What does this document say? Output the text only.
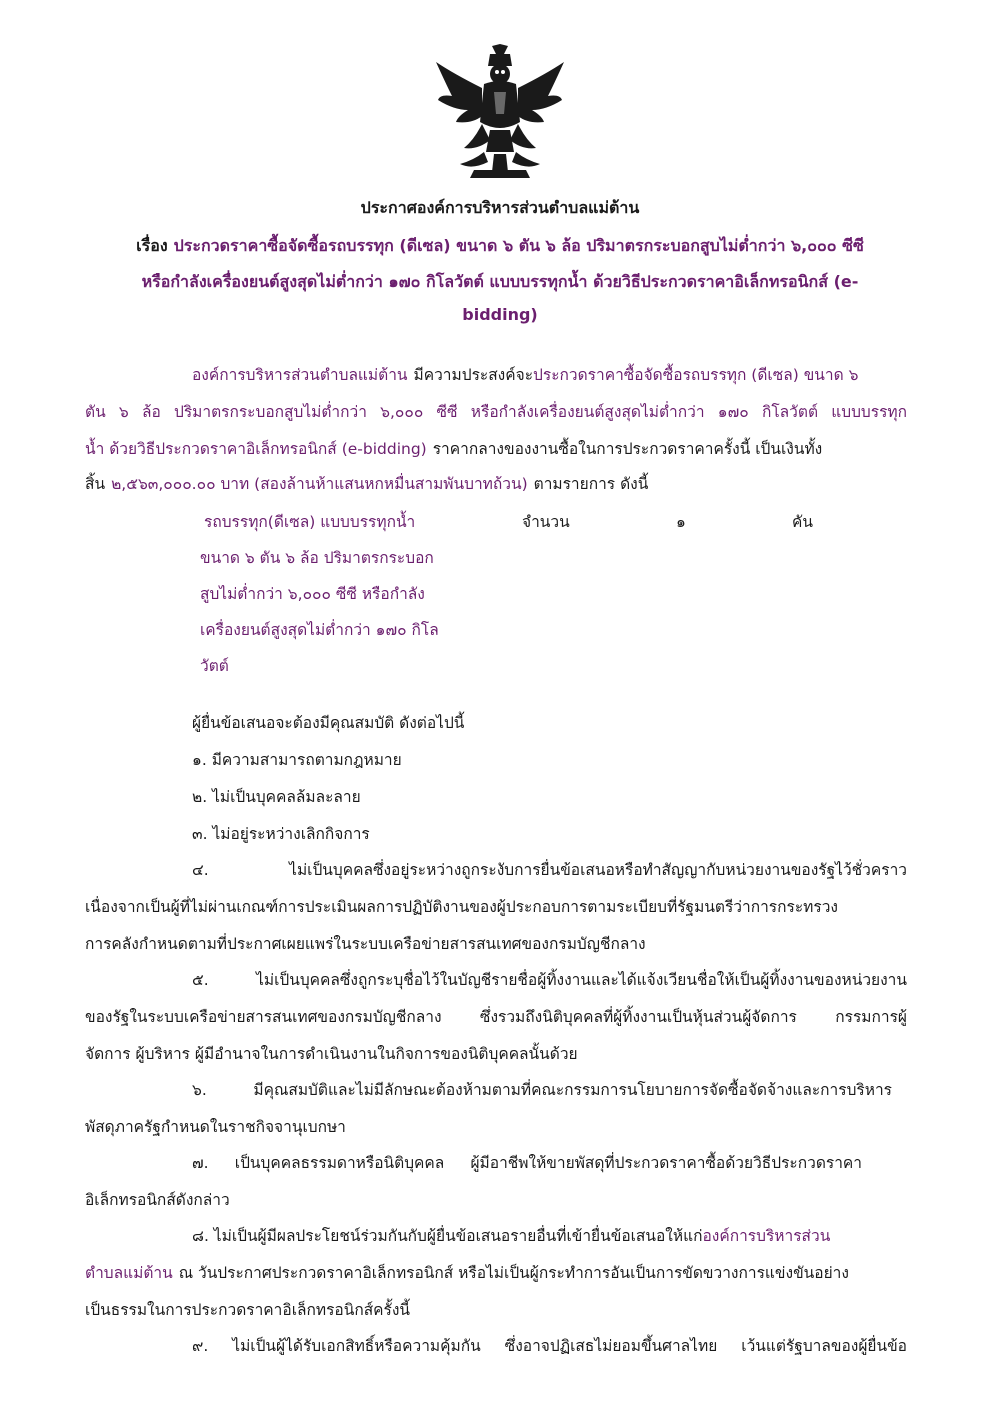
ประกาศองค์การบริหารส่วนตำบลแม่ต้าน
เรื่อง ประกวดราคาซื้อจัดซื้อรถบรรทุก (ดีเซล) ขนาด ๖ ตัน ๖ ล้อ ปริมาตรกระบอกสูบไม่ต่ำกว่า ๖,๐๐๐ ซีซี
หรือกำลังเครื่องยนต์สูงสุดไม่ต่ำกว่า ๑๗๐ กิโลวัตต์ แบบบรรทุกน้ำ ด้วยวิธีประกวดราคาอิเล็กทรอนิกส์ (e-
bidding)
องค์การบริหารส่วนตำบลแม่ต้าน มีความประสงค์จะประกวดราคาซื้อจัดซื้อรถบรรทุก (ดีเซล) ขนาด ๖
ตัน ๖ ล้อ ปริมาตรกระบอกสูบไม่ต่ำกว่า ๖,๐๐๐ ซีซี หรือกำลังเครื่องยนต์สูงสุดไม่ต่ำกว่า ๑๗๐ กิโลวัตต์ แบบบรรทุก
น้ำ ด้วยวิธีประกวดราคาอิเล็กทรอนิกส์ (e-bidding) ราคากลางของงานซื้อในการประกวดราคาครั้งนี้ เป็นเงินทั้ง
สิ้น ๒,๕๖๓,๐๐๐.๐๐ บาท (สองล้านห้าแสนหกหมื่นสามพันบาทถ้วน) ตามรายการ ดังนี้
รถบรรทุก(ดีเซล) แบบบรรทุกน้ำ
ขนาด ๖ ตัน ๖ ล้อ ปริมาตรกระบอก
สูบไม่ต่ำกว่า ๖,๐๐๐ ซีซี หรือกำลัง
เครื่องยนต์สูงสุดไม่ต่ำกว่า ๑๗๐ กิโล
วัตต์
จำนวน	๑	คัน
ผู้ยื่นข้อเสนอจะต้องมีคุณสมบัติ ดังต่อไปนี้
๑. มีความสามารถตามกฎหมาย
๒. ไม่เป็นบุคคลล้มละลาย
๓. ไม่อยู่ระหว่างเลิกกิจการ
๔. ไม่เป็นบุคคลซึ่งอยู่ระหว่างถูกระงับการยื่นข้อเสนอหรือทำสัญญากับหน่วยงานของรัฐไว้ชั่วคราว
เนื่องจากเป็นผู้ที่ไม่ผ่านเกณฑ์การประเมินผลการปฏิบัติงานของผู้ประกอบการตามระเบียบที่รัฐมนตรีว่าการกระทรวง
การคลังกำหนดตามที่ประกาศเผยแพร่ในระบบเครือข่ายสารสนเทศของกรมบัญชีกลาง
๕. ไม่เป็นบุคคลซึ่งถูกระบุชื่อไว้ในบัญชีรายชื่อผู้ทิ้งงานและได้แจ้งเวียนชื่อให้เป็นผู้ทิ้งงานของหน่วยงาน
ของรัฐในระบบเครือข่ายสารสนเทศของกรมบัญชีกลาง ซึ่งรวมถึงนิติบุคคลที่ผู้ทิ้งงานเป็นหุ้นส่วนผู้จัดการ กรรมการผู้
จัดการ ผู้บริหาร ผู้มีอำนาจในการดำเนินงานในกิจการของนิติบุคคลนั้นด้วย
๖. มีคุณสมบัติและไม่มีลักษณะต้องห้ามตามที่คณะกรรมการนโยบายการจัดซื้อจัดจ้างและการบริหาร
พัสดุภาครัฐกำหนดในราชกิจจานุเบกษา
๗. เป็นบุคคลธรรมดาหรือนิติบุคคล ผู้มีอาชีพให้ขายพัสดุที่ประกวดราคาซื้อด้วยวิธีประกวดราคา
อิเล็กทรอนิกส์ดังกล่าว
๘. ไม่เป็นผู้มีผลประโยชน์ร่วมกันกับผู้ยื่นข้อเสนอรายอื่นที่เข้ายื่นข้อเสนอให้แก่องค์การบริหารส่วน
ตำบลแม่ต้าน ณ วันประกาศประกวดราคาอิเล็กทรอนิกส์ หรือไม่เป็นผู้กระทำการอันเป็นการขัดขวางการแข่งขันอย่าง
เป็นธรรมในการประกวดราคาอิเล็กทรอนิกส์ครั้งนี้
๙. ไม่เป็นผู้ได้รับเอกสิทธิ์หรือความคุ้มกัน ซึ่งอาจปฏิเสธไม่ยอมขึ้นศาลไทย เว้นแต่รัฐบาลของผู้ยื่นข้อ
